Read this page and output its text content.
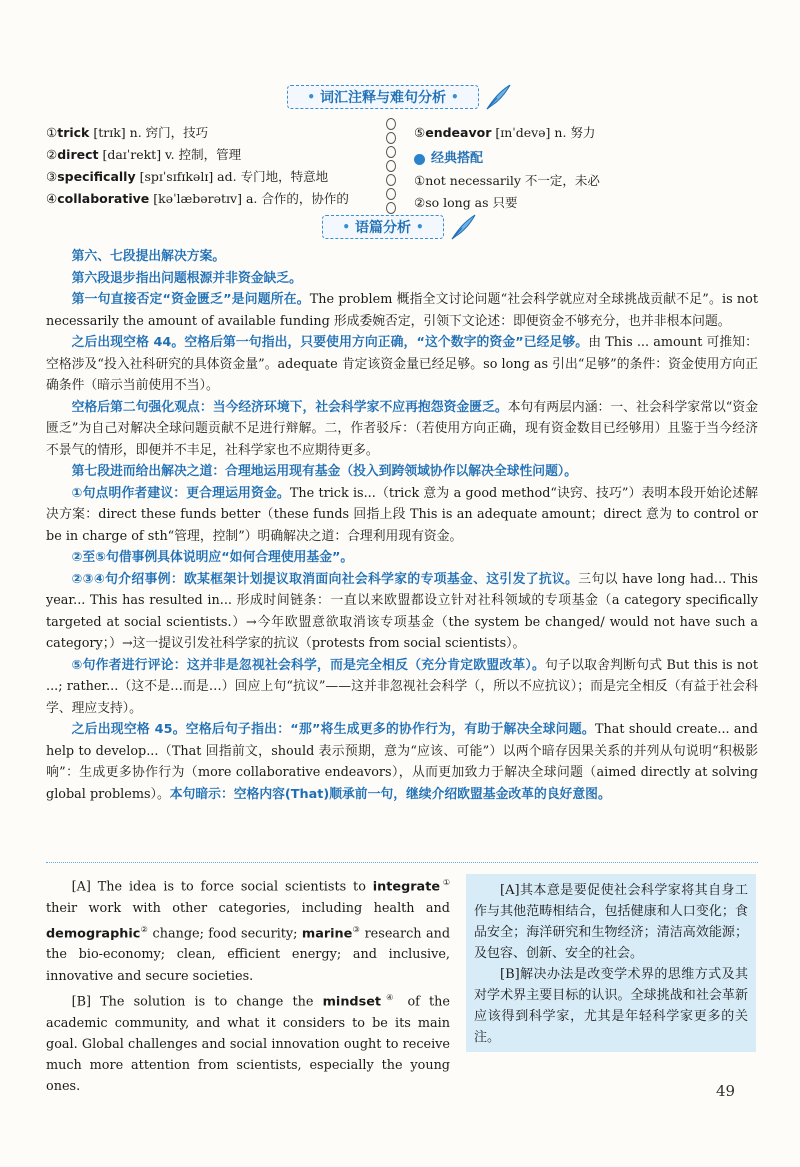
• 词汇注释与难句分析 •
①trick [trɪk] n. 窍门，技巧
②direct [daɪˈrekt] v. 控制，管理
③specifically [spɪˈsɪfɪkəlɪ] ad. 专门地，特意地
④collaborative [kəˈlæbərətɪv] a. 合作的，协作的
⑤endeavor [ɪnˈdevə] n. 努力
经典搭配
①not necessarily 不一定，未必
②so long as 只要
• 语篇分析 •

第六、七段提出解决方案。

第六段退步指出问题根源并非资金缺乏。

第一句直接否定“资金匮乏”是问题所在。The problem 概指全文讨论问题“社会科学就应对全球挑战贡献不足”。is not necessarily the amount of available funding 形成委婉否定，引领下文论述：即便资金不够充分，也并非根本问题。

之后出现空格 44。空格后第一句指出，只要使用方向正确，“这个数字的资金”已经足够。由 This ... amount 可推知：空格涉及“投入社科研究的具体资金量”。adequate 肯定该资金量已经足够。so long as 引出“足够”的条件：资金使用方向正确条件（暗示当前使用不当）。

空格后第二句强化观点：当今经济环境下，社会科学家不应再抱怨资金匮乏。本句有两层内涵：一、社会科学家常以“资金匮乏”为自己对解决全球问题贡献不足进行辩解。二，作者驳斥：（若使用方向正确，现有资金数目已经够用）且鉴于当今经济不景气的情形，即便并不丰足，社科学家也不应期待更多。

第七段进而给出解决之道：合理地运用现有基金（投入到跨领域协作以解决全球性问题）。

①句点明作者建议：更合理运用资金。The trick is...（trick 意为 a good method“诀窍、技巧”）表明本段开始论述解决方案：direct these funds better（these funds 回指上段 This is an adequate amount；direct 意为 to control or be in charge of sth“管理，控制”）明确解决之道：合理利用现有资金。

②至⑤句借事例具体说明应“如何合理使用基金”。

②③④句介绍事例：欧某框架计划提议取消面向社会科学家的专项基金、这引发了抗议。三句以 have long had... This year... This has resulted in... 形成时间链条：一直以来欧盟都设立针对社科领域的专项基金（a category specifically targeted at social scientists.）→今年欧盟意欲取消该专项基金（the system be changed/ would not have such a category；）→这一提议引发社科学家的抗议（protests from social scientists）。

⑤句作者进行评论：这并非是忽视社会科学，而是完全相反（充分肯定欧盟改革）。句子以取舍判断句式 But this is not ...; rather...（这不是…而是…）回应上句“抗议”——这并非忽视社会科学（，所以不应抗议）；而是完全相反（有益于社会科学、理应支持）。

之后出现空格 45。空格后句子指出：“那”将生成更多的协作行为，有助于解决全球问题。That should create... and help to develop...（That 回指前文，should 表示预期，意为“应该、可能”）以两个暗存因果关系的并列从句说明“积极影响”：生成更多协作行为（more collaborative endeavors），从而更加致力于解决全球问题（aimed directly at solving global problems）。本句暗示：空格内容(That)顺承前一句，继续介绍欧盟基金改革的良好意图。

[A] The idea is to force social scientists to integrate① their work with other categories, including health and demographic② change; food security; marine③ research and the bio-economy; clean, efficient energy; and inclusive, innovative and secure societies.

[B] The solution is to change the mindset④ of the academic community, and what it considers to be its main goal. Global challenges and social innovation ought to receive much more attention from scientists, especially the young ones.

[A]其本意是要促使社会科学家将其自身工作与其他范畴相结合，包括健康和人口变化；食品安全；海洋研究和生物经济；清洁高效能源；及包容、创新、安全的社会。

[B]解决办法是改变学术界的思维方式及其对学术界主要目标的认识。全球挑战和社会革新应该得到科学家，尤其是年轻科学家更多的关注。

49
